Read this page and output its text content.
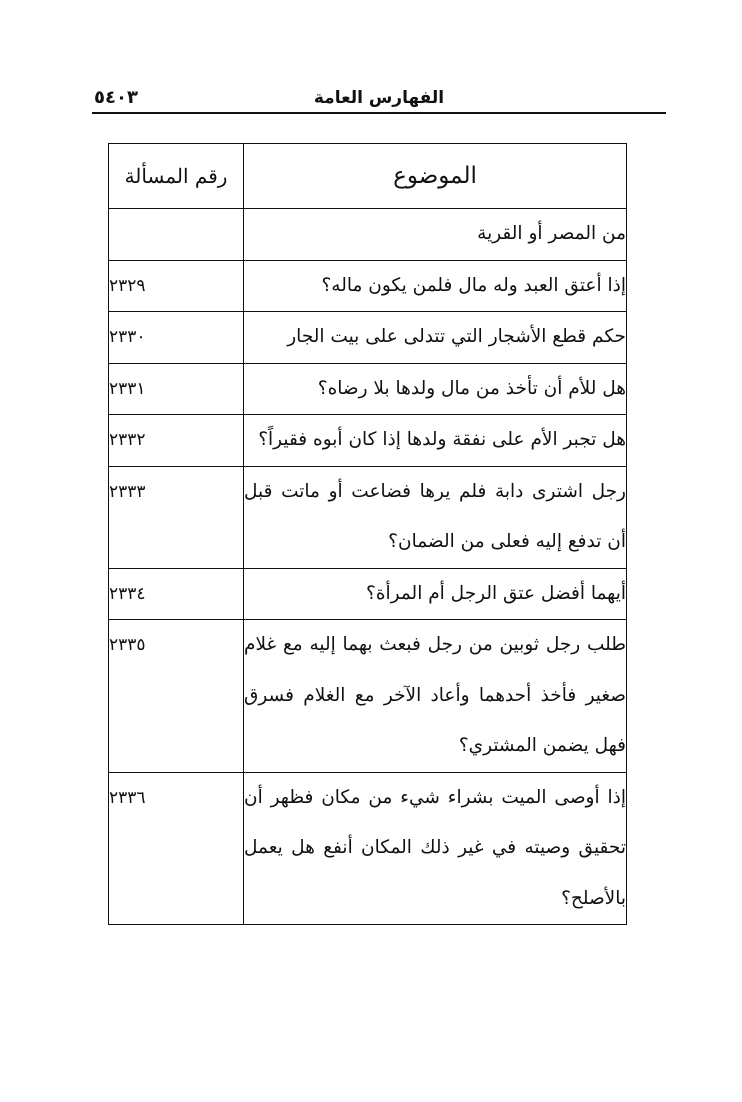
الفهارس العامة
٥٤٠٣
الموضوع	رقم المسألة
من المصر أو القرية	
إذا أعتق العبد وله مال فلمن يكون ماله؟	٢٣٢٩
حكم قطع الأشجار التي تتدلى على بيت الجار	٢٣٣٠
هل للأم أن تأخذ من مال ولدها بلا رضاه؟	٢٣٣١
هل تجبر الأم على نفقة ولدها إذا كان أبوه فقيراً؟	٢٣٣٢
رجل اشترى دابة فلم يرها فضاعت أو ماتت قبل أن تدفع إليه فعلى من الضمان؟	٢٣٣٣
أيهما أفضل عتق الرجل أم المرأة؟	٢٣٣٤
طلب رجل ثوبين من رجل فبعث بهما إليه مع غلام صغير فأخذ أحدهما وأعاد الآخر مع الغلام فسرق فهل يضمن المشتري؟	٢٣٣٥
إذا أوصى الميت بشراء شيء من مكان فظهر أن تحقيق وصيته في غير ذلك المكان أنفع هل يعمل بالأصلح؟	٢٣٣٦
